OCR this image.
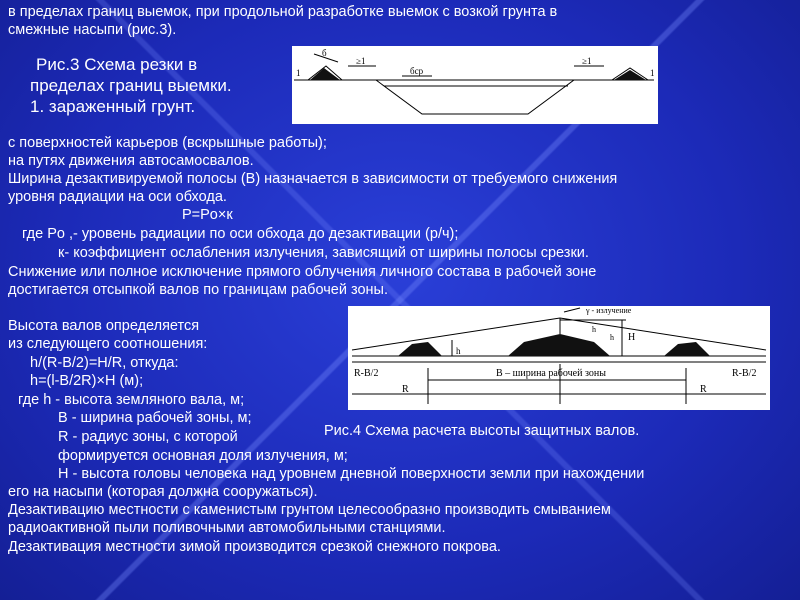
в пределах границ выемок, при продольной разработке выемок с возкой грунта в
смежные насыпи (рис.3).
Рис.3 Схема резки в
пределах границ выемки.
1. зараженный грунт.
б
≥1	≥1
бср
1	1
с поверхностей карьеров (вскрышные работы);
на путях движения автосамосвалов.
Ширина дезактивируемой полосы (В) назначается в зависимости от требуемого снижения
уровня радиации на оси обхода.
P=Po×к
где Po ,- уровень радиации по оси обхода до дезактивации (р/ч);
к- коэффициент ослабления излучения, зависящий от ширины полосы срезки.
Снижение или полное исключение прямого облучения личного состава в рабочей зоне
достигается отсыпкой валов по границам рабочей зоны.
γ - излучение
h
h H
h
R-B/2	B – ширина рабочей зоны	R-B/2
R	R
Высота валов определяется
из следующего соотношения:
h/(R-B/2)=H/R, откуда:
h=(l-B/2R)×H (м);
где h - высота земляного вала, м;
B - ширина рабочей зоны, м;
R - радиус зоны, с которой
формируется основная доля излучения, м;
H - высота головы человека над уровнем дневной поверхности земли при нахождении
его на насыпи (которая должна сооружаться).
Дезактивацию местности с каменистым грунтом целесообразно производить смыванием
радиоактивной пыли поливочными автомобильными станциями.
Дезактивация местности зимой производится срезкой снежного покрова.
Рис.4 Схема расчета высоты защитных валов.
